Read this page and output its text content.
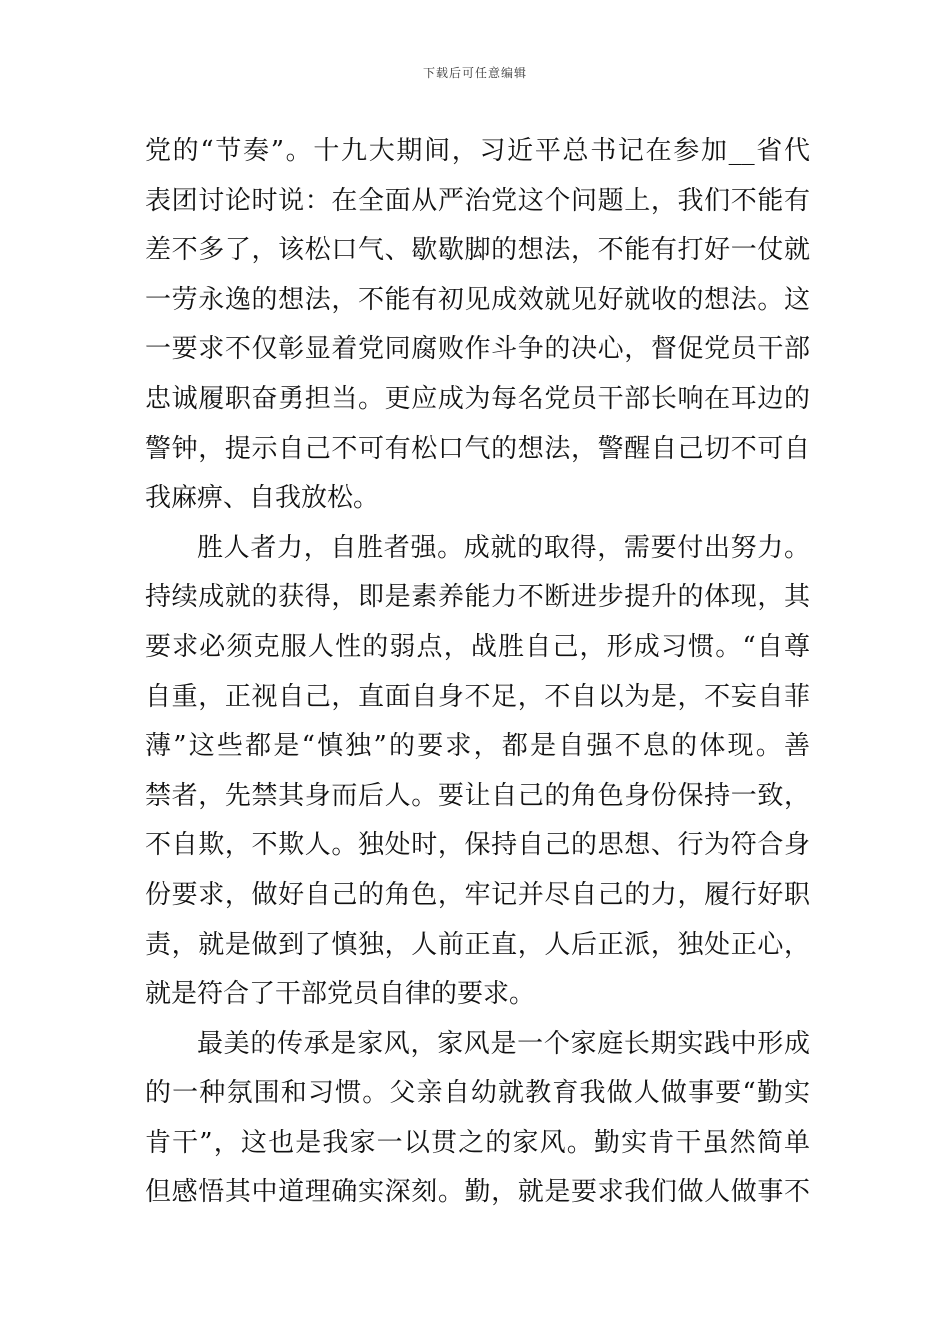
下载后可任意编辑
党的“节奏”。十九大期间，习近平总书记在参加__省代
表团讨论时说：在全面从严治党这个问题上，我们不能有
差不多了，该松口气、歇歇脚的想法，不能有打好一仗就
一劳永逸的想法，不能有初见成效就见好就收的想法。这
一要求不仅彰显着党同腐败作斗争的决心，督促党员干部
忠诚履职奋勇担当。更应成为每名党员干部长响在耳边的
警钟，提示自己不可有松口气的想法，警醒自己切不可自
我麻痹、自我放松。
胜人者力，自胜者强。成就的取得，需要付出努力。
持续成就的获得，即是素养能力不断进步提升的体现，其
要求必须克服人性的弱点，战胜自己，形成习惯。“自尊
自重，正视自己，直面自身不足，不自以为是，不妄自菲
薄”这些都是“慎独”的要求，都是自强不息的体现。善
禁者，先禁其身而后人。要让自己的角色身份保持一致，
不自欺，不欺人。独处时，保持自己的思想、行为符合身
份要求，做好自己的角色，牢记并尽自己的力，履行好职
责，就是做到了慎独，人前正直，人后正派，独处正心，
就是符合了干部党员自律的要求。
最美的传承是家风，家风是一个家庭长期实践中形成
的一种氛围和习惯。父亲自幼就教育我做人做事要“勤实
肯干”，这也是我家一以贯之的家风。勤实肯干虽然简单
但感悟其中道理确实深刻。勤，就是要求我们做人做事不
